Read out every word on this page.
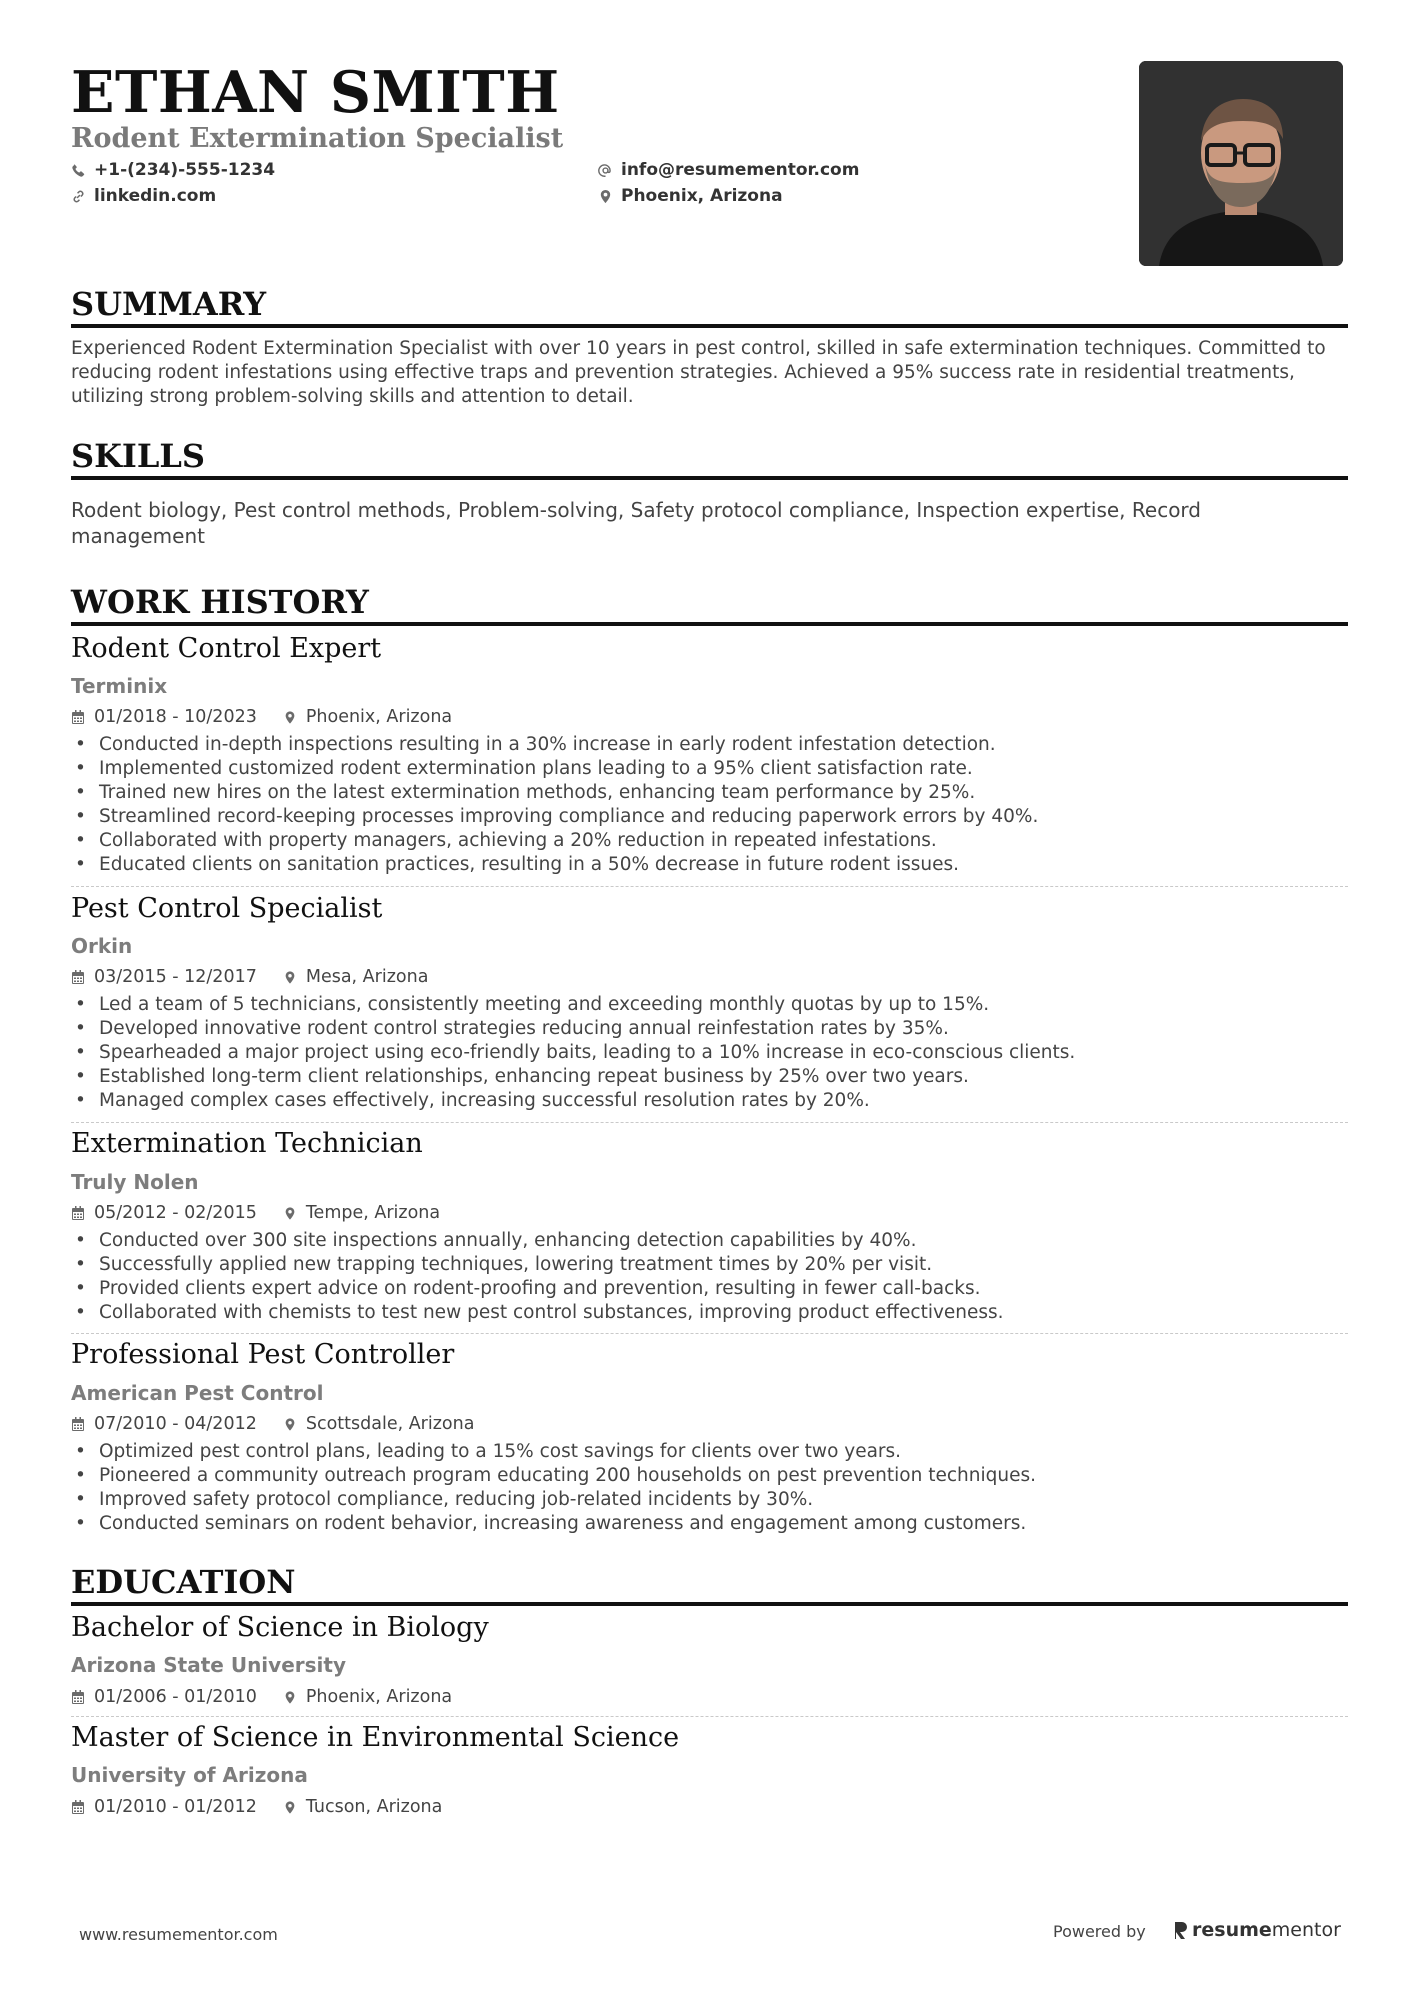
ETHAN SMITH
Rodent Extermination Specialist
+1-(234)-555-1234
linkedin.com
info@resumementor.com
Phoenix, Arizona
SUMMARY
Experienced Rodent Extermination Specialist with over 10 years in pest control, skilled in safe extermination techniques. Committed to reducing rodent infestations using effective traps and prevention strategies. Achieved a 95% success rate in residential treatments, utilizing strong problem-solving skills and attention to detail.
SKILLS
Rodent biology, Pest control methods, Problem-solving, Safety protocol compliance, Inspection expertise, Record management
WORK HISTORY
Rodent Control Expert
Terminix
01/2018 - 10/2023	Phoenix, Arizona
• Conducted in-depth inspections resulting in a 30% increase in early rodent infestation detection.
• Implemented customized rodent extermination plans leading to a 95% client satisfaction rate.
• Trained new hires on the latest extermination methods, enhancing team performance by 25%.
• Streamlined record-keeping processes improving compliance and reducing paperwork errors by 40%.
• Collaborated with property managers, achieving a 20% reduction in repeated infestations.
• Educated clients on sanitation practices, resulting in a 50% decrease in future rodent issues.
Pest Control Specialist
Orkin
03/2015 - 12/2017	Mesa, Arizona
• Led a team of 5 technicians, consistently meeting and exceeding monthly quotas by up to 15%.
• Developed innovative rodent control strategies reducing annual reinfestation rates by 35%.
• Spearheaded a major project using eco-friendly baits, leading to a 10% increase in eco-conscious clients.
• Established long-term client relationships, enhancing repeat business by 25% over two years.
• Managed complex cases effectively, increasing successful resolution rates by 20%.
Extermination Technician
Truly Nolen
05/2012 - 02/2015	Tempe, Arizona
• Conducted over 300 site inspections annually, enhancing detection capabilities by 40%.
• Successfully applied new trapping techniques, lowering treatment times by 20% per visit.
• Provided clients expert advice on rodent-proofing and prevention, resulting in fewer call-backs.
• Collaborated with chemists to test new pest control substances, improving product effectiveness.
Professional Pest Controller
American Pest Control
07/2010 - 04/2012	Scottsdale, Arizona
• Optimized pest control plans, leading to a 15% cost savings for clients over two years.
• Pioneered a community outreach program educating 200 households on pest prevention techniques.
• Improved safety protocol compliance, reducing job-related incidents by 30%.
• Conducted seminars on rodent behavior, increasing awareness and engagement among customers.
EDUCATION
Bachelor of Science in Biology
Arizona State University
01/2006 - 01/2010	Phoenix, Arizona
Master of Science in Environmental Science
University of Arizona
01/2010 - 01/2012	Tucson, Arizona
www.resumementor.com	Powered by resume mentor
